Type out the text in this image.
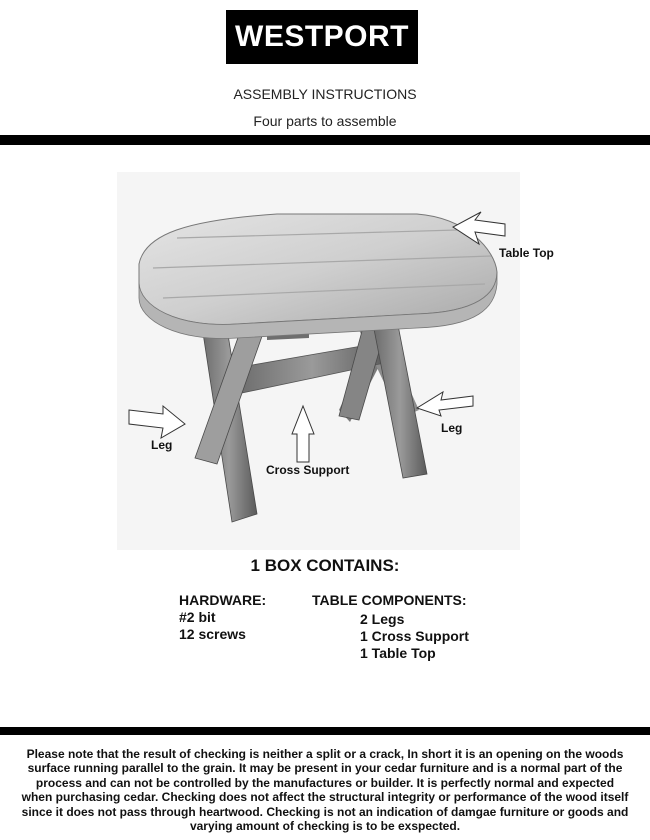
WESTPORT
ASSEMBLY INSTRUCTIONS
Four parts to assemble
Table Top
Leg
Leg
Cross Support
1 BOX CONTAINS:
HARDWARE:
#2 bit
12 screws
TABLE COMPONENTS:
2 Legs
1 Cross Support
1 Table Top
Please note that the result of checking is neither a split or a crack, In short it is an opening on the woods surface running parallel to the grain. It may be present in your cedar furniture and is a normal part of the process and can not be controlled by the manufactures or builder. It is perfectly normal and expected when purchasing cedar. Checking does not affect the structural integrity or performance of the wood itself since it does not pass through heartwood. Checking is not an indication of damgae furniture or goods and varying amount of checking is to be exspected.
